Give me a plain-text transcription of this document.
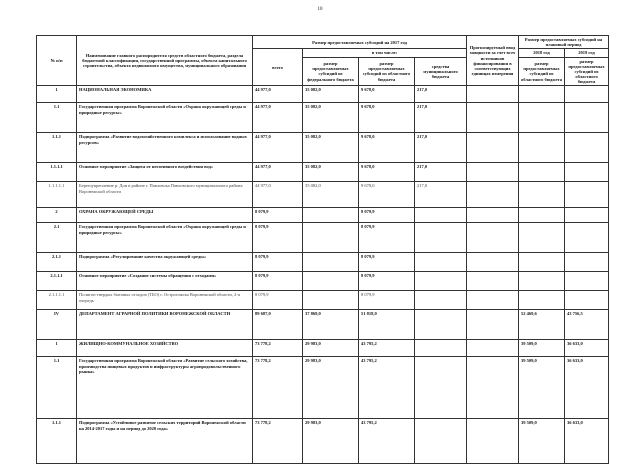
10
№ п/п	Наименование главного распорядителя средств областного бюджета, раздела бюджетной классификации, государственной программы, объекта капитального строительства, объекта недвижимого имущества, муниципального образования	Размер предоставляемых субсидий на 2017 год				Прогнозируемый ввод мощности за счет всех источников финансирования в соответствующих единицах измерения	Размер предоставляемых субсидий на плановый период	
		всего	в том числе:				2018 год	2019 год
			размер предоставляемых субсидий из федерального бюджета	размер предоставляемых субсидий из областного бюджета	средства муниципального бюджета		размер предоставляемых субсидий из областного бюджета	размер предоставляемых субсидий из областного бюджета
1	НАЦИОНАЛЬНАЯ ЭКОНОМИКА	44 977,0	35 082,0	9 678,0	217,0			
1.1	Государственная программа Воронежской области «Охрана окружающей среды и природные ресурсы»	44 977,0	35 082,0	9 678,0	217,0			
1.1.1	Подпрограмма «Развитие водохозяйственного комплекса и использование водных ресурсов»	44 977,0	35 082,0	9 678,0	217,0			
1.1.1.1	Основное мероприятие «Защита от негативного воздействия вод»	44 977,0	35 082,0	9 678,0	217,0			
1.1.1.1.1	Берегоукрепление р. Дон в районе г. Павловска Павловского муниципального района Воронежской области	44 977,0	35 082,0	9 678,0	217,0			
2	ОХРАНА ОКРУЖАЮЩЕЙ СРЕДЫ	8 079,9		8 079,9				
2.1	Государственная программа Воронежской области «Охрана окружающей среды и природные ресурсы»	8 079,9		8 079,9				
2.1.1	Подпрограмма «Регулирование качества окружающей среды»	8 079,9		8 079,9				
2.1.1.1	Основное мероприятие «Создание системы обращения с отходами»	8 079,9		8 079,9				
2.1.1.1.1	Полигон твердых бытовых отходов (ТБО) г. Острогожска Воронежской области, 2-я очередь	8 079,9		8 079,9				
IV	ДЕПАРТАМЕНТ АГРАРНОЙ ПОЛИТИКИ ВОРОНЕЖСКОЙ ОБЛАСТИ	89 687,0	37 869,0	51 818,0			52 469,6	43 756,5
1	ЖИЛИЩНО-КОММУНАЛЬНОЕ ХОЗЯЙСТВО	73 778,2	29 983,0	43 795,2			39 509,0	36 633,0
1.1	Государственная программа Воронежской области «Развитие сельского хозяйства, производства пищевых продуктов и инфраструктуры агропродовольственного рынка»	73 778,2	29 983,0	43 795,2			39 509,0	36 633,0
1.1.1	Подпрограмма «Устойчивое развитие сельских территорий Воронежской области на 2014-2017 годы и на период до 2020 года»	73 778,2	29 983,0	43 795,2			39 509,0	36 633,0
